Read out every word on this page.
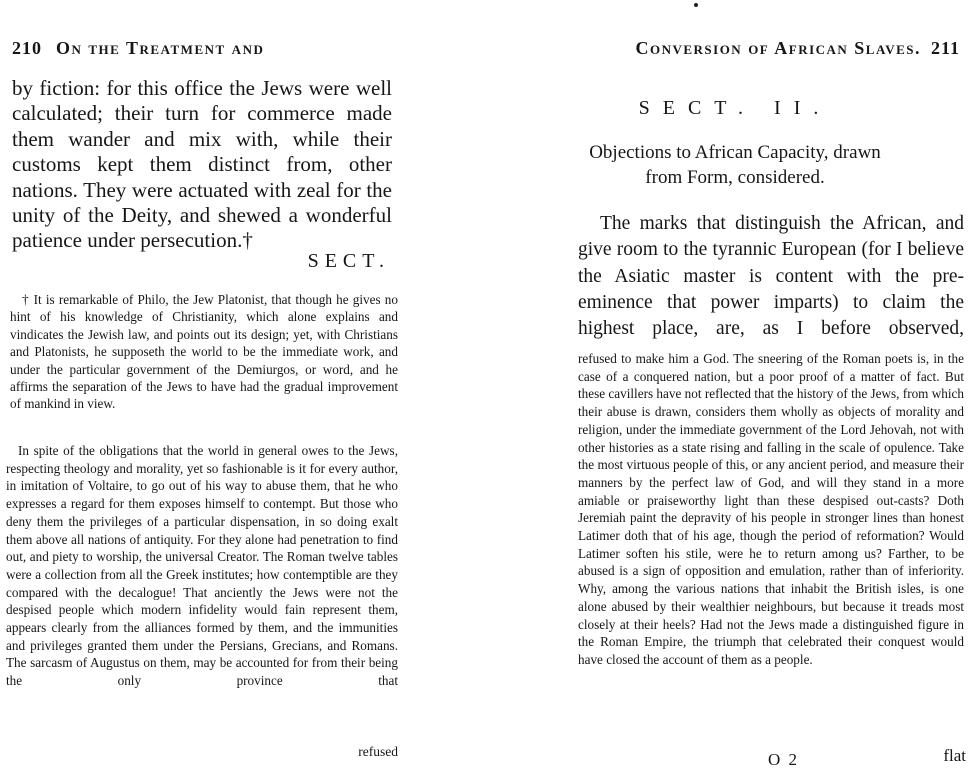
210 On the Treatment and

by fiction: for this office the Jews were well calculated; their turn for commerce made them wander and mix with, while their customs kept them distinct from, other nations. They were actuated with zeal for the unity of the Deity, and shewed a wonderful patience under persecution.†

SECT.

† It is remarkable of Philo, the Jew Platonist, that though he gives no hint of his knowledge of Christianity, which alone explains and vindicates the Jewish law, and points out its design; yet, with Christians and Platonists, he supposeth the world to be the immediate work, and under the particular government of the Demiurgos, or word, and he affirms the separation of the Jews to have had the gradual improvement of mankind in view.

In spite of the obligations that the world in general owes to the Jews, respecting theology and morality, yet so fashionable is it for every author, in imitation of Voltaire, to go out of his way to abuse them, that he who expresses a regard for them exposes himself to contempt. But those who deny them the privileges of a particular dispensation, in so doing exalt them above all nations of antiquity. For they alone had penetration to find out, and piety to worship, the universal Creator. The Roman twelve tables were a collection from all the Greek institutes; how contemptible are they compared with the decalogue! That anciently the Jews were not the despised people which modern infidelity would fain represent them, appears clearly from the alliances formed by them, and the immunities and privileges granted them under the Persians, Grecians, and Romans. The sarcasm of Augustus on them, may be accounted for from their being the only province that

refused
Conversion of African Slaves. 211
SECT. II.
Objections to African Capacity, drawn
from Form, considered.

The marks that distinguish the African, and give room to the tyrannic European (for I believe the Asiatic master is content with the pre-eminence that power imparts) to claim the highest place, are, as I before observed,

refused to make him a God. The sneering of the Roman poets is, in the case of a conquered nation, but a poor proof of a matter of fact. But these cavillers have not reflected that the history of the Jews, from which their abuse is drawn, considers them wholly as objects of morality and religion, under the immediate government of the Lord Jehovah, not with other histories as a state rising and falling in the scale of opulence. Take the most virtuous people of this, or any ancient period, and measure their manners by the perfect law of God, and will they stand in a more amiable or praiseworthy light than these despised out-casts? Doth Jeremiah paint the depravity of his people in stronger lines than honest Latimer doth that of his age, though the period of reformation? Would Latimer soften his stile, were he to return among us? Farther, to be abused is a sign of opposition and emulation, rather than of inferiority. Why, among the various nations that inhabit the British isles, is one alone abused by their wealthier neighbours, but because it treads most closely at their heels? Had not the Jews made a distinguished figure in the Roman Empire, the triumph that celebrated their conquest would have closed the account of them as a people.

O 2	flat
